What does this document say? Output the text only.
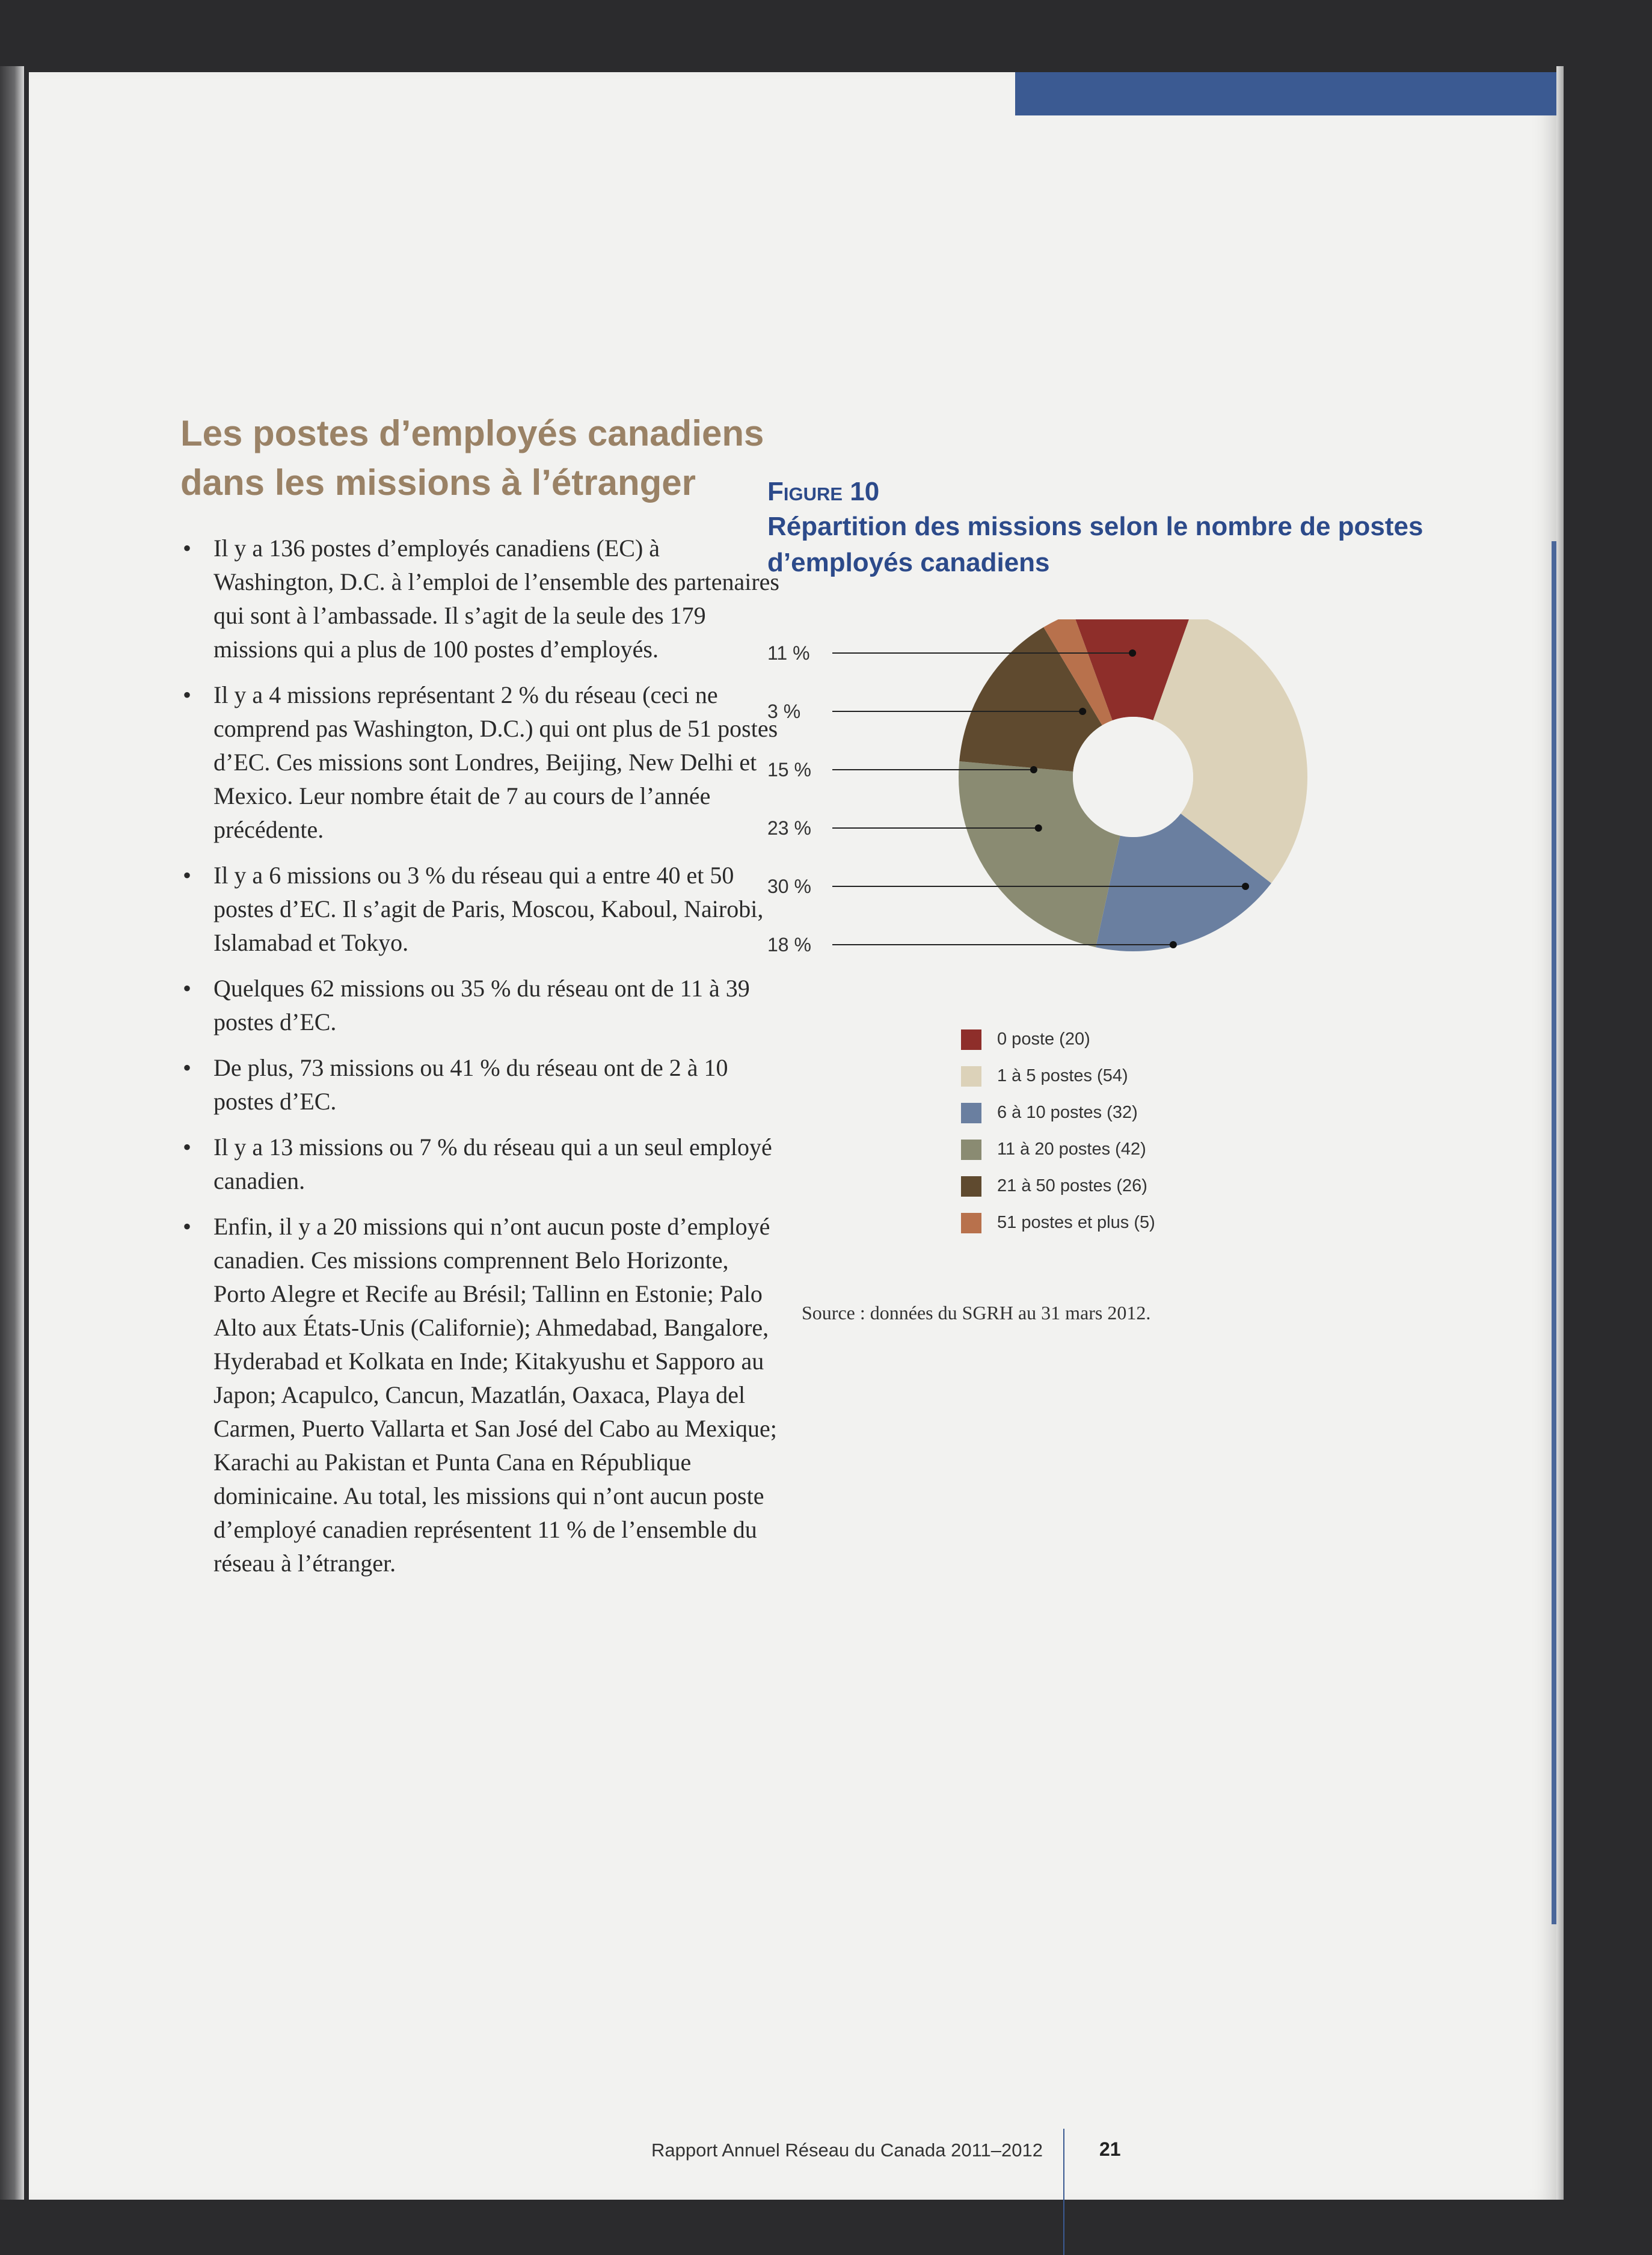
Les postes d’employés canadiens dans les missions à l’étranger
• Il y a 136 postes d’employés canadiens (EC) à Washington, D.C. à l’emploi de l’ensemble des partenaires qui sont à l’ambassade. Il s’agit de la seule des 179 missions qui a plus de 100 postes d’employés.
• Il y a 4 missions représentant 2 % du réseau (ceci ne comprend pas Washington, D.C.) qui ont plus de 51 postes d’EC. Ces missions sont Londres, Beijing, New Delhi et Mexico. Leur nombre était de 7 au cours de l’année précédente.
• Il y a 6 missions ou 3 % du réseau qui a entre 40 et 50 postes d’EC. Il s’agit de Paris, Moscou, Kaboul, Nairobi, Islamabad et Tokyo.
• Quelques 62 missions ou 35 % du réseau ont de 11 à 39 postes d’EC.
• De plus, 73 missions ou 41 % du réseau ont de 2 à 10 postes d’EC.
• Il y a 13 missions ou 7 % du réseau qui a un seul employé canadien.
• Enfin, il y a 20 missions qui n’ont aucun poste d’employé canadien. Ces missions comprennent Belo Horizonte, Porto Alegre et Recife au Brésil; Tallinn en Estonie; Palo Alto aux États-Unis (Californie); Ahmedabad, Bangalore, Hyderabad et Kolkata en Inde; Kitakyushu et Sapporo au Japon; Acapulco, Cancun, Mazatlán, Oaxaca, Playa del Carmen, Puerto Vallarta et San José del Cabo au Mexique; Karachi au Pakistan et Punta Cana en République dominicaine. Au total, les missions qui n’ont aucun poste d’employé canadien représentent 11 % de l’ensemble du réseau à l’étranger.
Figure 10
Répartition des missions selon le nombre de postes d’employés canadiens
11 %
3 %
15 %
23 %
30 %
18 %
0 poste (20)
1 à 5 postes (54)
6 à 10 postes (32)
11 à 20 postes (42)
21 à 50 postes (26)
51 postes et plus (5)
Source : données du SGRH au 31 mars 2012.
Rapport Annuel Réseau du Canada 2011–2012	21
